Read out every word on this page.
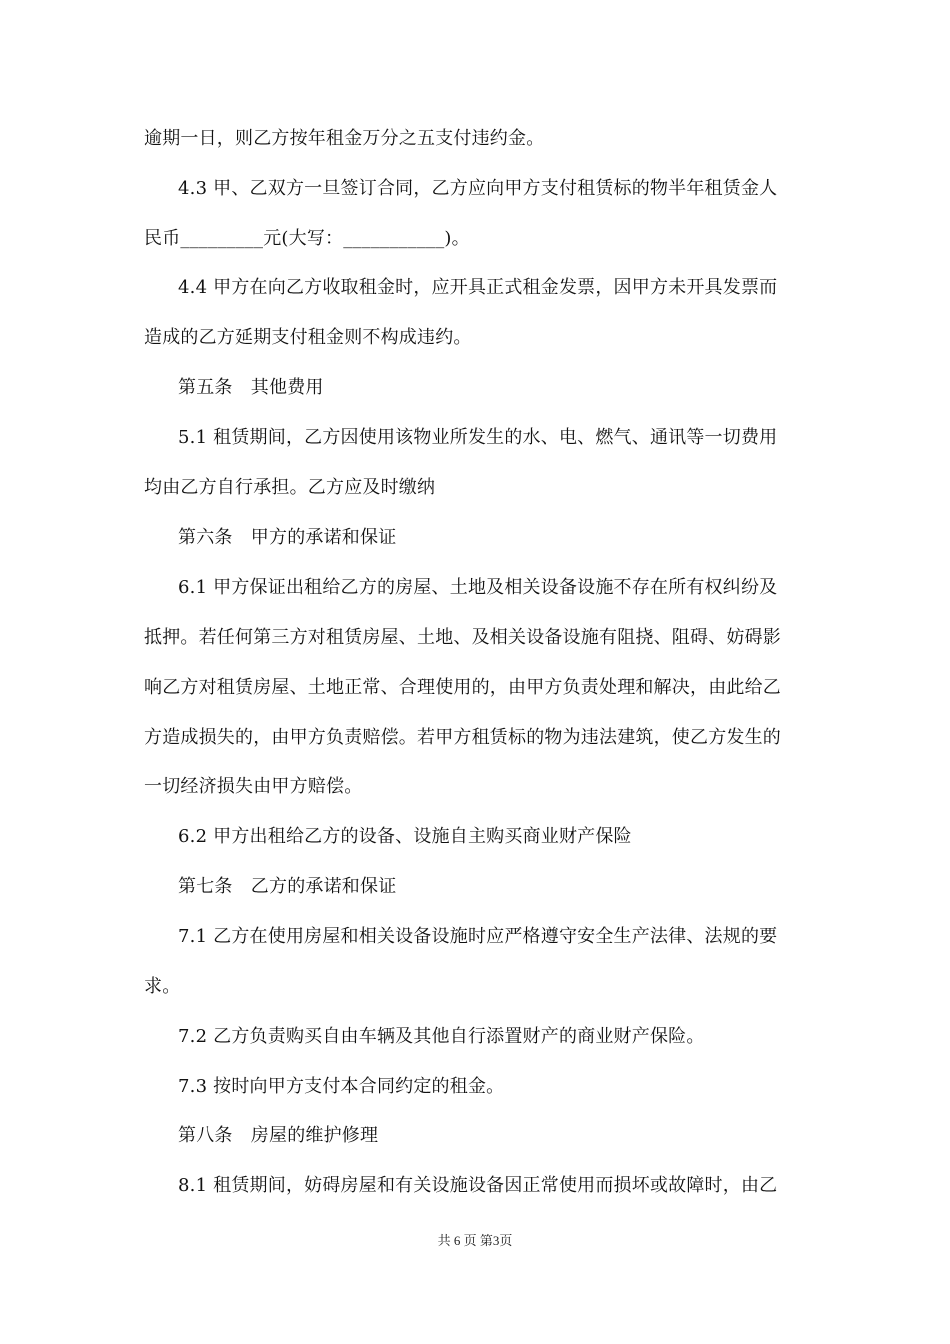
逾期一日，则乙方按年租金万分之五支付违约金。
4.3 甲、乙双方一旦签订合同，乙方应向甲方支付租赁标的物半年租赁金人
民币_________元(大写：___________)。
4.4 甲方在向乙方收取租金时，应开具正式租金发票，因甲方未开具发票而
造成的乙方延期支付租金则不构成违约。
第五条　其他费用
5.1 租赁期间，乙方因使用该物业所发生的水、电、燃气、通讯等一切费用
均由乙方自行承担。乙方应及时缴纳
第六条　甲方的承诺和保证
6.1 甲方保证出租给乙方的房屋、土地及相关设备设施不存在所有权纠纷及
抵押。若任何第三方对租赁房屋、土地、及相关设备设施有阻挠、阻碍、妨碍影
响乙方对租赁房屋、土地正常、合理使用的，由甲方负责处理和解决，由此给乙
方造成损失的，由甲方负责赔偿。若甲方租赁标的物为违法建筑，使乙方发生的
一切经济损失由甲方赔偿。
6.2 甲方出租给乙方的设备、设施自主购买商业财产保险
第七条　乙方的承诺和保证
7.1 乙方在使用房屋和相关设备设施时应严格遵守安全生产法律、法规的要
求。
7.2 乙方负责购买自由车辆及其他自行添置财产的商业财产保险。
7.3 按时向甲方支付本合同约定的租金。
第八条　房屋的维护修理
8.1 租赁期间，妨碍房屋和有关设施设备因正常使用而损坏或故障时，由乙
共 6 页 第3页
